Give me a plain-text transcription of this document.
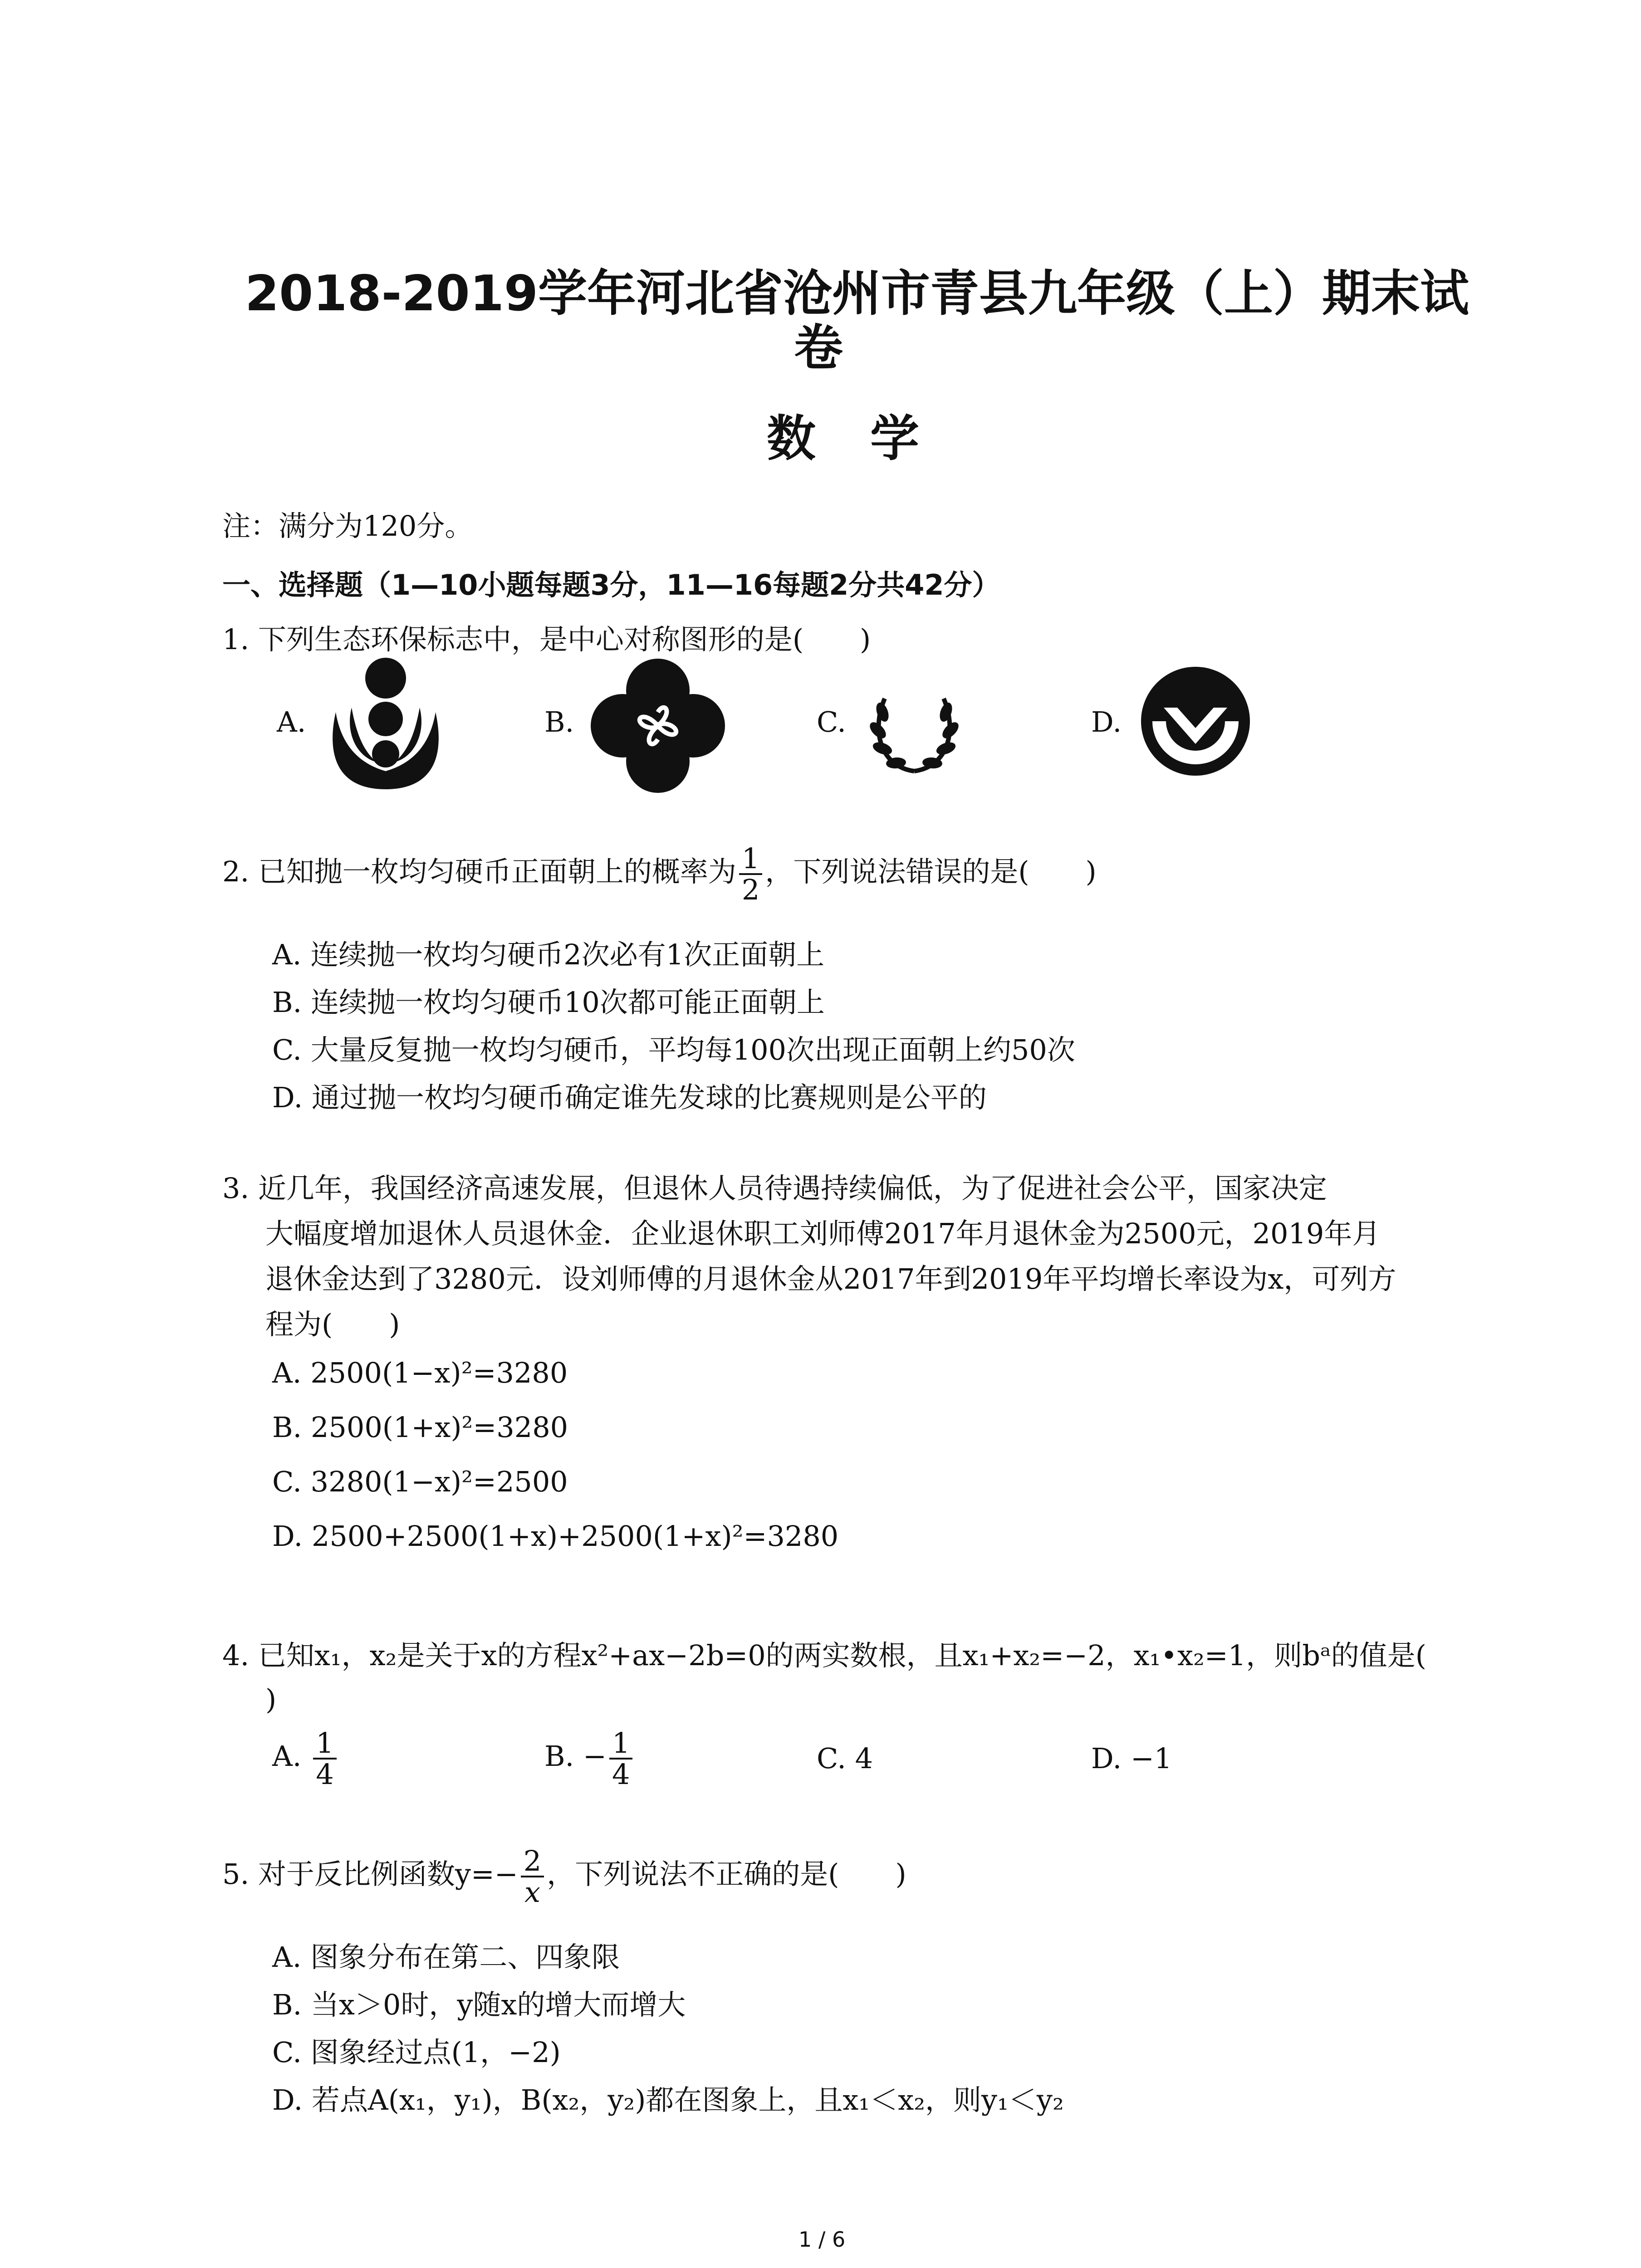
2018-2019学年河北省沧州市青县九年级（上）期末试
卷
数学
注：满分为120分。
一、选择题（1—10小题每题3分，11—16每题2分共42分）
1. 下列生态环保标志中，是中心对称图形的是(　　)
A.	B.	C.	D.
2. 已知抛一枚均匀硬币正面朝上的概率为 $\frac{1}{2}$ ，下列说法错误的是(　　)
A. 连续抛一枚均匀硬币2次必有1次正面朝上
B. 连续抛一枚均匀硬币10次都可能正面朝上
C. 大量反复抛一枚均匀硬币，平均每100次出现正面朝上约50次
D. 通过抛一枚均匀硬币确定谁先发球的比赛规则是公平的
3. 近几年，我国经济高速发展，但退休人员待遇持续偏低，为了促进社会公平，国家决定
大幅度增加退休人员退休金．企业退休职工刘师傅2017年月退休金为2500元，2019年月
退休金达到了3280元．设刘师傅的月退休金从2017年到2019年平均增长率设为x，可列方
程为(　　)
A. 2500(1−x)²=3280
B. 2500(1+x)²=3280
C. 3280(1−x)²=2500
D. 2500+2500(1+x)+2500(1+x)²=3280
4. 已知x₁，x₂是关于x的方程x²+ax−2b=0的两实数根，且x₁+x₂=−2，x₁•x₂=1，则bᵃ的值是(
)
A. $\frac{1}{4}$	B. − $\frac{1}{4}$	C. 4	D. −1
5. 对于反比例函数$y=- \frac{2}{x}$ ，下列说法不正确的是(　　)
A. 图象分布在第二、四象限
B. 当x＞0时，y随x的增大而增大
C. 图象经过点(1，−2)
D. 若点A(x₁，y₁)，B(x₂，y₂)都在图象上，且x₁＜x₂，则y₁＜y₂
1 / 6
